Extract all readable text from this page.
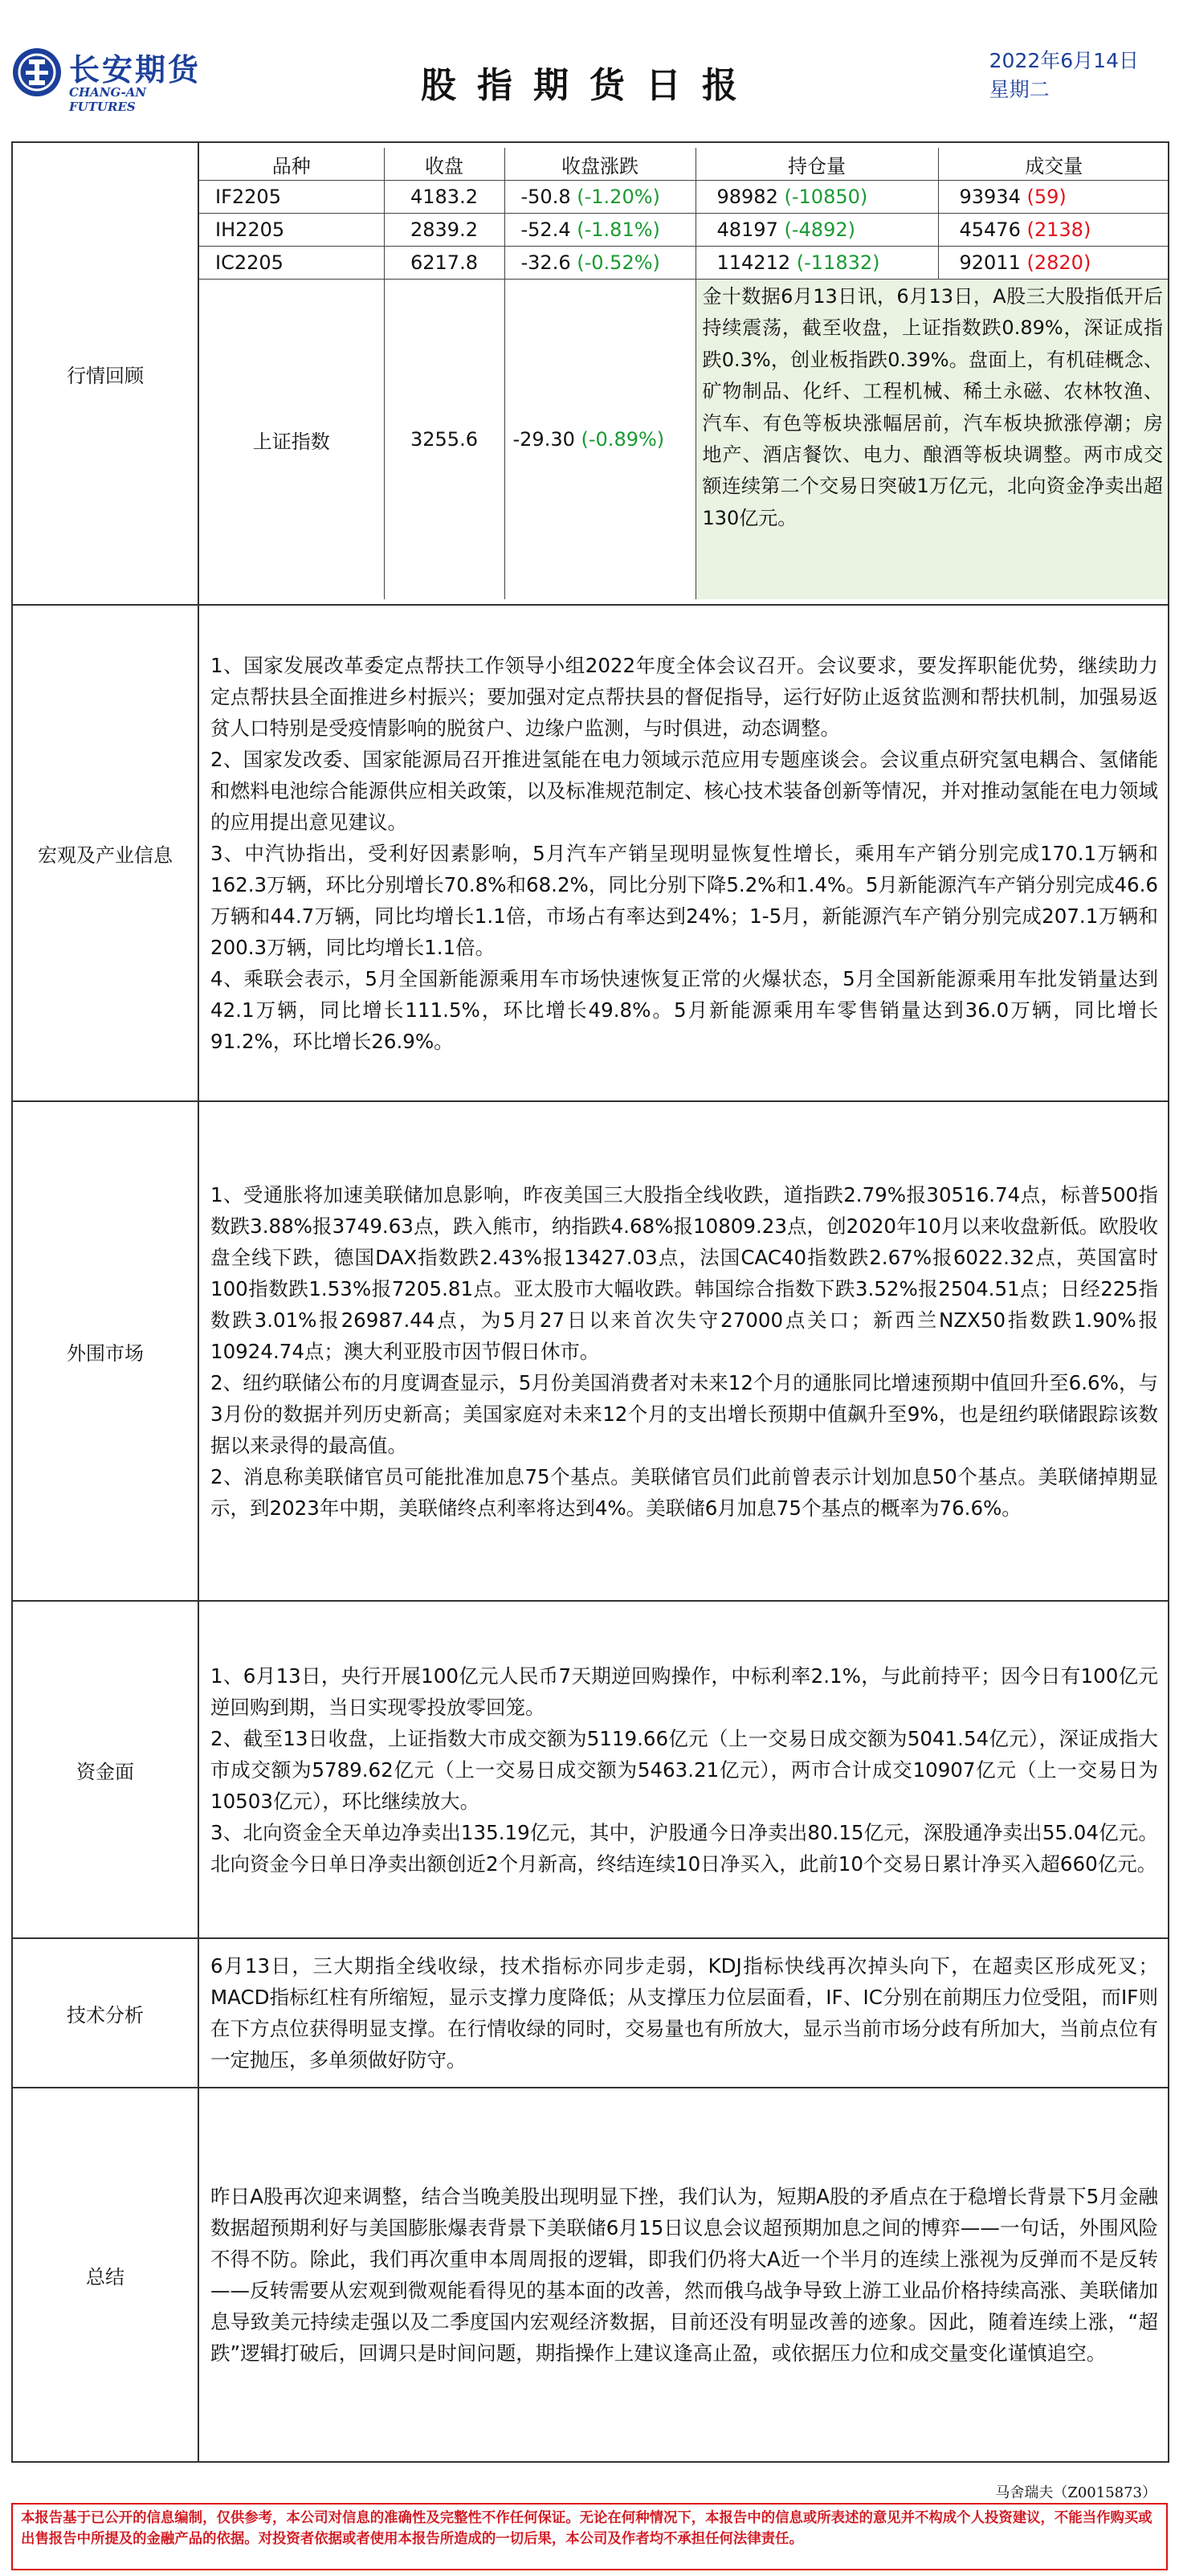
长安期货
CHANG-AN FUTURES
股指期货日报
2022年6月14日
星期二
行情回顾	
品种	收盘	收盘涨跌	持仓量	成交量
IF2205	4183.2	-50.8 (-1.20%)	98982 (-10850)	93934 (59)
IH2205	2839.2	-52.4 (-1.81%)	48197 (-4892)	45476 (2138)
IC2205	6217.8	-32.6 (-0.52%)	114212 (-11832)	92011 (2820)
上证指数	3255.6	-29.30 (-0.89%)	金十数据6月13日讯，6月13日，A股三大股指低开后持续震荡，截至收盘，上证指数跌0.89%，深证成指跌0.3%，创业板指跌0.39%。盘面上，有机硅概念、矿物制品、化纤、工程机械、稀土永磁、农林牧渔、汽车、有色等板块涨幅居前，汽车板块掀涨停潮；房地产、酒店餐饮、电力、酿酒等板块调整。两市成交额连续第二个交易日突破1万亿元，北向资金净卖出超130亿元。

宏观及产业信息	

1、国家发展改革委定点帮扶工作领导小组2022年度全体会议召开。会议要求，要发挥职能优势，继续助力定点帮扶县全面推进乡村振兴；要加强对定点帮扶县的督促指导，运行好防止返贫监测和帮扶机制，加强易返贫人口特别是受疫情影响的脱贫户、边缘户监测，与时俱进，动态调整。

2、国家发改委、国家能源局召开推进氢能在电力领域示范应用专题座谈会。会议重点研究氢电耦合、氢储能和燃料电池综合能源供应相关政策，以及标准规范制定、核心技术装备创新等情况，并对推动氢能在电力领域的应用提出意见建议。

3、中汽协指出，受利好因素影响，5月汽车产销呈现明显恢复性增长，乘用车产销分别完成170.1万辆和162.3万辆，环比分别增长70.8%和68.2%，同比分别下降5.2%和1.4%。5月新能源汽车产销分别完成46.6万辆和44.7万辆，同比均增长1.1倍，市场占有率达到24%；1-5月，新能源汽车产销分别完成207.1万辆和200.3万辆，同比均增长1.1倍。

4、乘联会表示，5月全国新能源乘用车市场快速恢复正常的火爆状态，5月全国新能源乘用车批发销量达到42.1万辆，同比增长111.5%，环比增长49.8%。5月新能源乘用车零售销量达到36.0万辆，同比增长91.2%，环比增长26.9%。

外围市场	

1、受通胀将加速美联储加息影响，昨夜美国三大股指全线收跌，道指跌2.79%报30516.74点，标普500指数跌3.88%报3749.63点，跌入熊市，纳指跌4.68%报10809.23点，创2020年10月以来收盘新低。欧股收盘全线下跌，德国DAX指数跌2.43%报13427.03点，法国CAC40指数跌2.67%报6022.32点，英国富时100指数跌1.53%报7205.81点。亚太股市大幅收跌。韩国综合指数下跌3.52%报2504.51点；日经225指数跌3.01%报26987.44点，为5月27日以来首次失守27000点关口；新西兰NZX50指数跌1.90%报10924.74点；澳大利亚股市因节假日休市。

2、纽约联储公布的月度调查显示，5月份美国消费者对未来12个月的通胀同比增速预期中值回升至6.6%，与3月份的数据并列历史新高；美国家庭对未来12个月的支出增长预期中值飙升至9%，也是纽约联储跟踪该数据以来录得的最高值。

2、消息称美联储官员可能批准加息75个基点。美联储官员们此前曾表示计划加息50个基点。美联储掉期显示，到2023年中期，美联储终点利率将达到4%。美联储6月加息75个基点的概率为76.6%。

资金面	

1、6月13日，央行开展100亿元人民币7天期逆回购操作，中标利率2.1%，与此前持平；因今日有100亿元逆回购到期，当日实现零投放零回笼。

2、截至13日收盘，上证指数大市成交额为5119.66亿元（上一交易日成交额为5041.54亿元），深证成指大市成交额为5789.62亿元（上一交易日成交额为5463.21亿元），两市合计成交10907亿元（上一交易日为10503亿元），环比继续放大。

3、北向资金全天单边净卖出135.19亿元，其中，沪股通今日净卖出80.15亿元，深股通净卖出55.04亿元。北向资金今日单日净卖出额创近2个月新高，终结连续10日净买入，此前10个交易日累计净买入超660亿元。

技术分析	

6月13日，三大期指全线收绿，技术指标亦同步走弱，KDJ指标快线再次掉头向下，在超卖区形成死叉；MACD指标红柱有所缩短，显示支撑力度降低；从支撑压力位层面看，IF、IC分别在前期压力位受阻，而IF则在下方点位获得明显支撑。在行情收绿的同时，交易量也有所放大，显示当前市场分歧有所加大，当前点位有一定抛压，多单须做好防守。

总结	

昨日A股再次迎来调整，结合当晚美股出现明显下挫，我们认为，短期A股的矛盾点在于稳增长背景下5月金融数据超预期利好与美国膨胀爆表背景下美联储6月15日议息会议超预期加息之间的博弈——一句话，外围风险不得不防。除此，我们再次重申本周周报的逻辑，即我们仍将大A近一个半月的连续上涨视为反弹而不是反转——反转需要从宏观到微观能看得见的基本面的改善，然而俄乌战争导致上游工业品价格持续高涨、美联储加息导致美元持续走强以及二季度国内宏观经济数据，目前还没有明显改善的迹象。因此，随着连续上涨，“超跌”逻辑打破后，回调只是时间问题，期指操作上建议逢高止盈，或依据压力位和成交量变化谨慎追空。

马舍瑞夫（Z0015873）
本报告基于已公开的信息编制，仅供参考，本公司对信息的准确性及完整性不作任何保证。无论在何种情况下，本报告中的信息或所表述的意见并不构成个人投资建议，不能当作购买或出售报告中所提及的金融产品的依据。对投资者依据或者使用本报告所造成的一切后果，本公司及作者均不承担任何法律责任。
